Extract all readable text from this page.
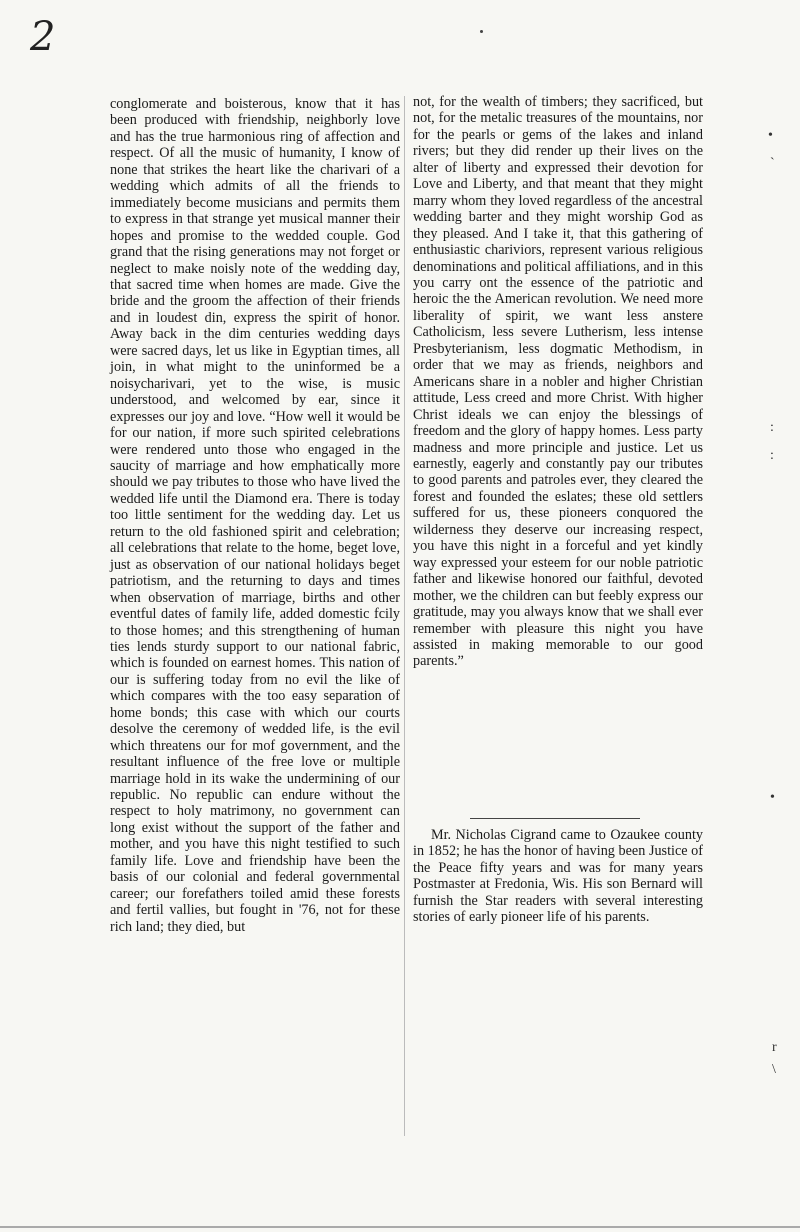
2

conglomerate and boisterous, know that it has been produced with friendship, neighborly love and has the true harmonious ring of affection and respect. Of all the music of humanity, I know of none that strikes the heart like the charivari of a wedding which admits of all the friends to immediately become musicians and permits them to express in that strange yet musical manner their hopes and promise to the wedded couple. God grand that the rising generations may not forget or neglect to make noisly note of the wedding day, that sacred time when homes are made. Give the bride and the groom the affection of their friends and in loudest din, express the spirit of honor. Away back in the dim centuries wedding days were sacred days, let us like in Egyptian times, all join, in what might to the uninformed be a noisycharivari, yet to the wise, is music understood, and welcomed by ear, since it expresses our joy and love. “How well it would be for our nation, if more such spirited celebrations were rendered unto those who engaged in the saucity of marriage and how emphatically more should we pay tributes to those who have lived the wedded life until the Diamond era. There is today too little sentiment for the wedding day. Let us return to the old fashioned spirit and celebration; all celebrations that relate to the home, beget love, just as observation of our national holidays beget patriotism, and the returning to days and times when observation of marriage, births and other eventful dates of family life, added domestic fcily to those homes; and this strengthening of human ties lends sturdy support to our national fabric, which is founded on earnest homes. This nation of our is suffering today from no evil the like of which compares with the too easy separation of home bonds; this case with which our courts desolve the ceremony of wedded life, is the evil which threatens our for mof government, and the resultant influence of the free love or multiple marriage hold in its wake the undermining of our republic. No republic can endure without the respect to holy matrimony, no government can long exist without the support of the father and mother, and you have this night testified to such family life. Love and friendship have been the basis of our colonial and federal governmental career; our forefathers toiled amid these forests and fertil vallies, but fought in '76, not for these rich land; they died, but

not, for the wealth of timbers; they sacrificed, but not, for the metalic treasures of the mountains, nor for the pearls or gems of the lakes and inland rivers; but they did render up their lives on the alter of liberty and expressed their devotion for Love and Liberty, and that meant that they might marry whom they loved regardless of the ancestral wedding barter and they might worship God as they pleased. And I take it, that this gathering of enthusiastic chariviors, represent various religious denominations and political affiliations, and in this you carry ont the essence of the patriotic and heroic the the American revolution. We need more liberality of spirit, we want less anstere Catholicism, less severe Lutherism, less intense Presbyterianism, less dogmatic Methodism, in order that we may as friends, neighbors and Americans share in a nobler and higher Christian attitude, Less creed and more Christ. With higher Christ ideals we can enjoy the blessings of freedom and the glory of happy homes. Less party madness and more principle and justice. Let us earnestly, eagerly and constantly pay our tributes to good parents and patroles ever, they cleared the forest and founded the eslates; these old settlers suffered for us, these pioneers conquored the wilderness they deserve our increasing respect, you have this night in a forceful and yet kindly way expressed your esteem for our noble patriotic father and likewise honored our faithful, devoted mother, we the children can but feebly express our gratitude, may you always know that we shall ever remember with pleasure this night you have assisted in making memorable to our good parents.”

Mr. Nicholas Cigrand came to Ozaukee county in 1852; he has the honor of having been Justice of the Peace fifty years and was for many years Postmaster at Fredonia, Wis. His son Bernard will furnish the Star readers with several interesting stories of early pioneer life of his parents.

•
`
:
:
•
r
\
